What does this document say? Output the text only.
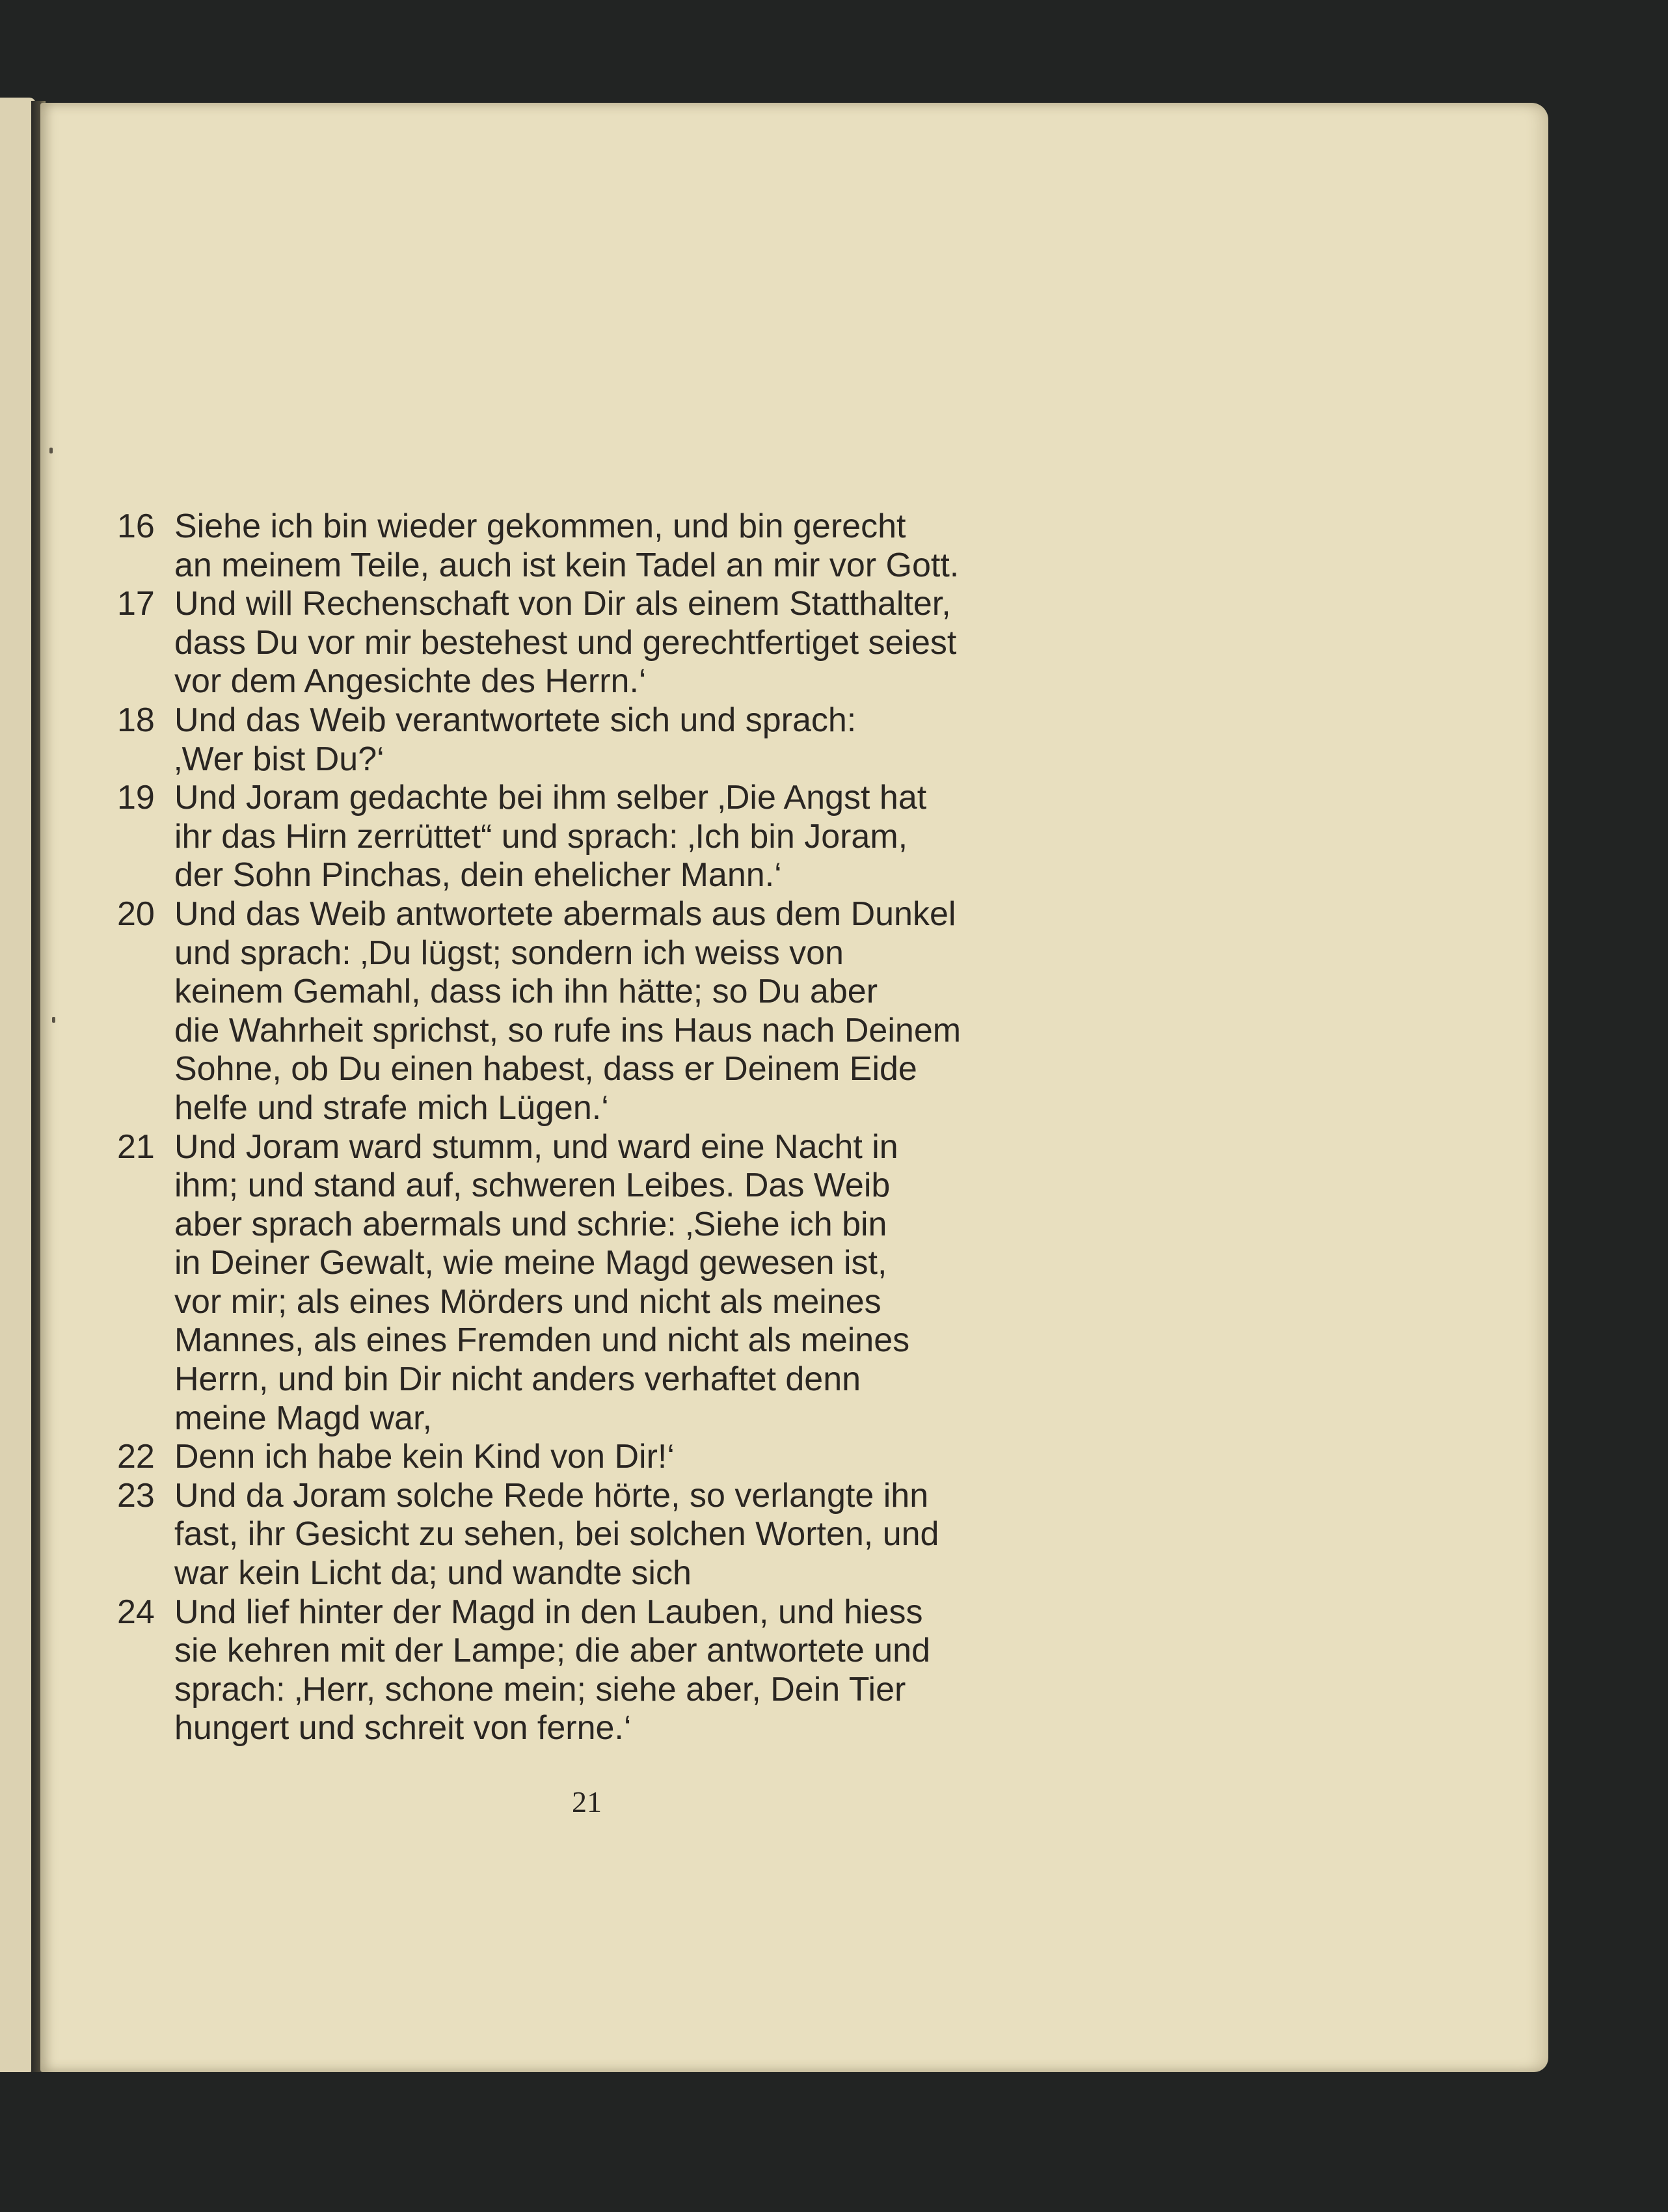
16 Siehe ich bin wieder gekommen, und bin gerecht
an meinem Teile, auch ist kein Tadel an mir vor Gott.
17 Und will Rechenschaft von Dir als einem Statthalter,
dass Du vor mir bestehest und gerechtfertiget seiest
vor dem Angesichte des Herrn.‘
18 Und das Weib verantwortete sich und sprach:
‚Wer bist Du?‘
19 Und Joram gedachte bei ihm selber ‚Die Angst hat
ihr das Hirn zerrüttet“ und sprach: ‚Ich bin Joram,
der Sohn Pinchas, dein ehelicher Mann.‘
20 Und das Weib antwortete abermals aus dem Dunkel
und sprach: ‚Du lügst; sondern ich weiss von
keinem Gemahl, dass ich ihn hätte; so Du aber
die Wahrheit sprichst, so rufe ins Haus nach Deinem
Sohne, ob Du einen habest, dass er Deinem Eide
helfe und strafe mich Lügen.‘
21 Und Joram ward stumm, und ward eine Nacht in
ihm; und stand auf, schweren Leibes. Das Weib
aber sprach abermals und schrie: ‚Siehe ich bin
in Deiner Gewalt, wie meine Magd gewesen ist,
vor mir; als eines Mörders und nicht als meines
Mannes, als eines Fremden und nicht als meines
Herrn, und bin Dir nicht anders verhaftet denn
meine Magd war,
22 Denn ich habe kein Kind von Dir!‘
23 Und da Joram solche Rede hörte, so verlangte ihn
fast, ihr Gesicht zu sehen, bei solchen Worten, und
war kein Licht da; und wandte sich
24 Und lief hinter der Magd in den Lauben, und hiess
sie kehren mit der Lampe; die aber antwortete und
sprach: ‚Herr, schone mein; siehe aber, Dein Tier
hungert und schreit von ferne.‘
21
